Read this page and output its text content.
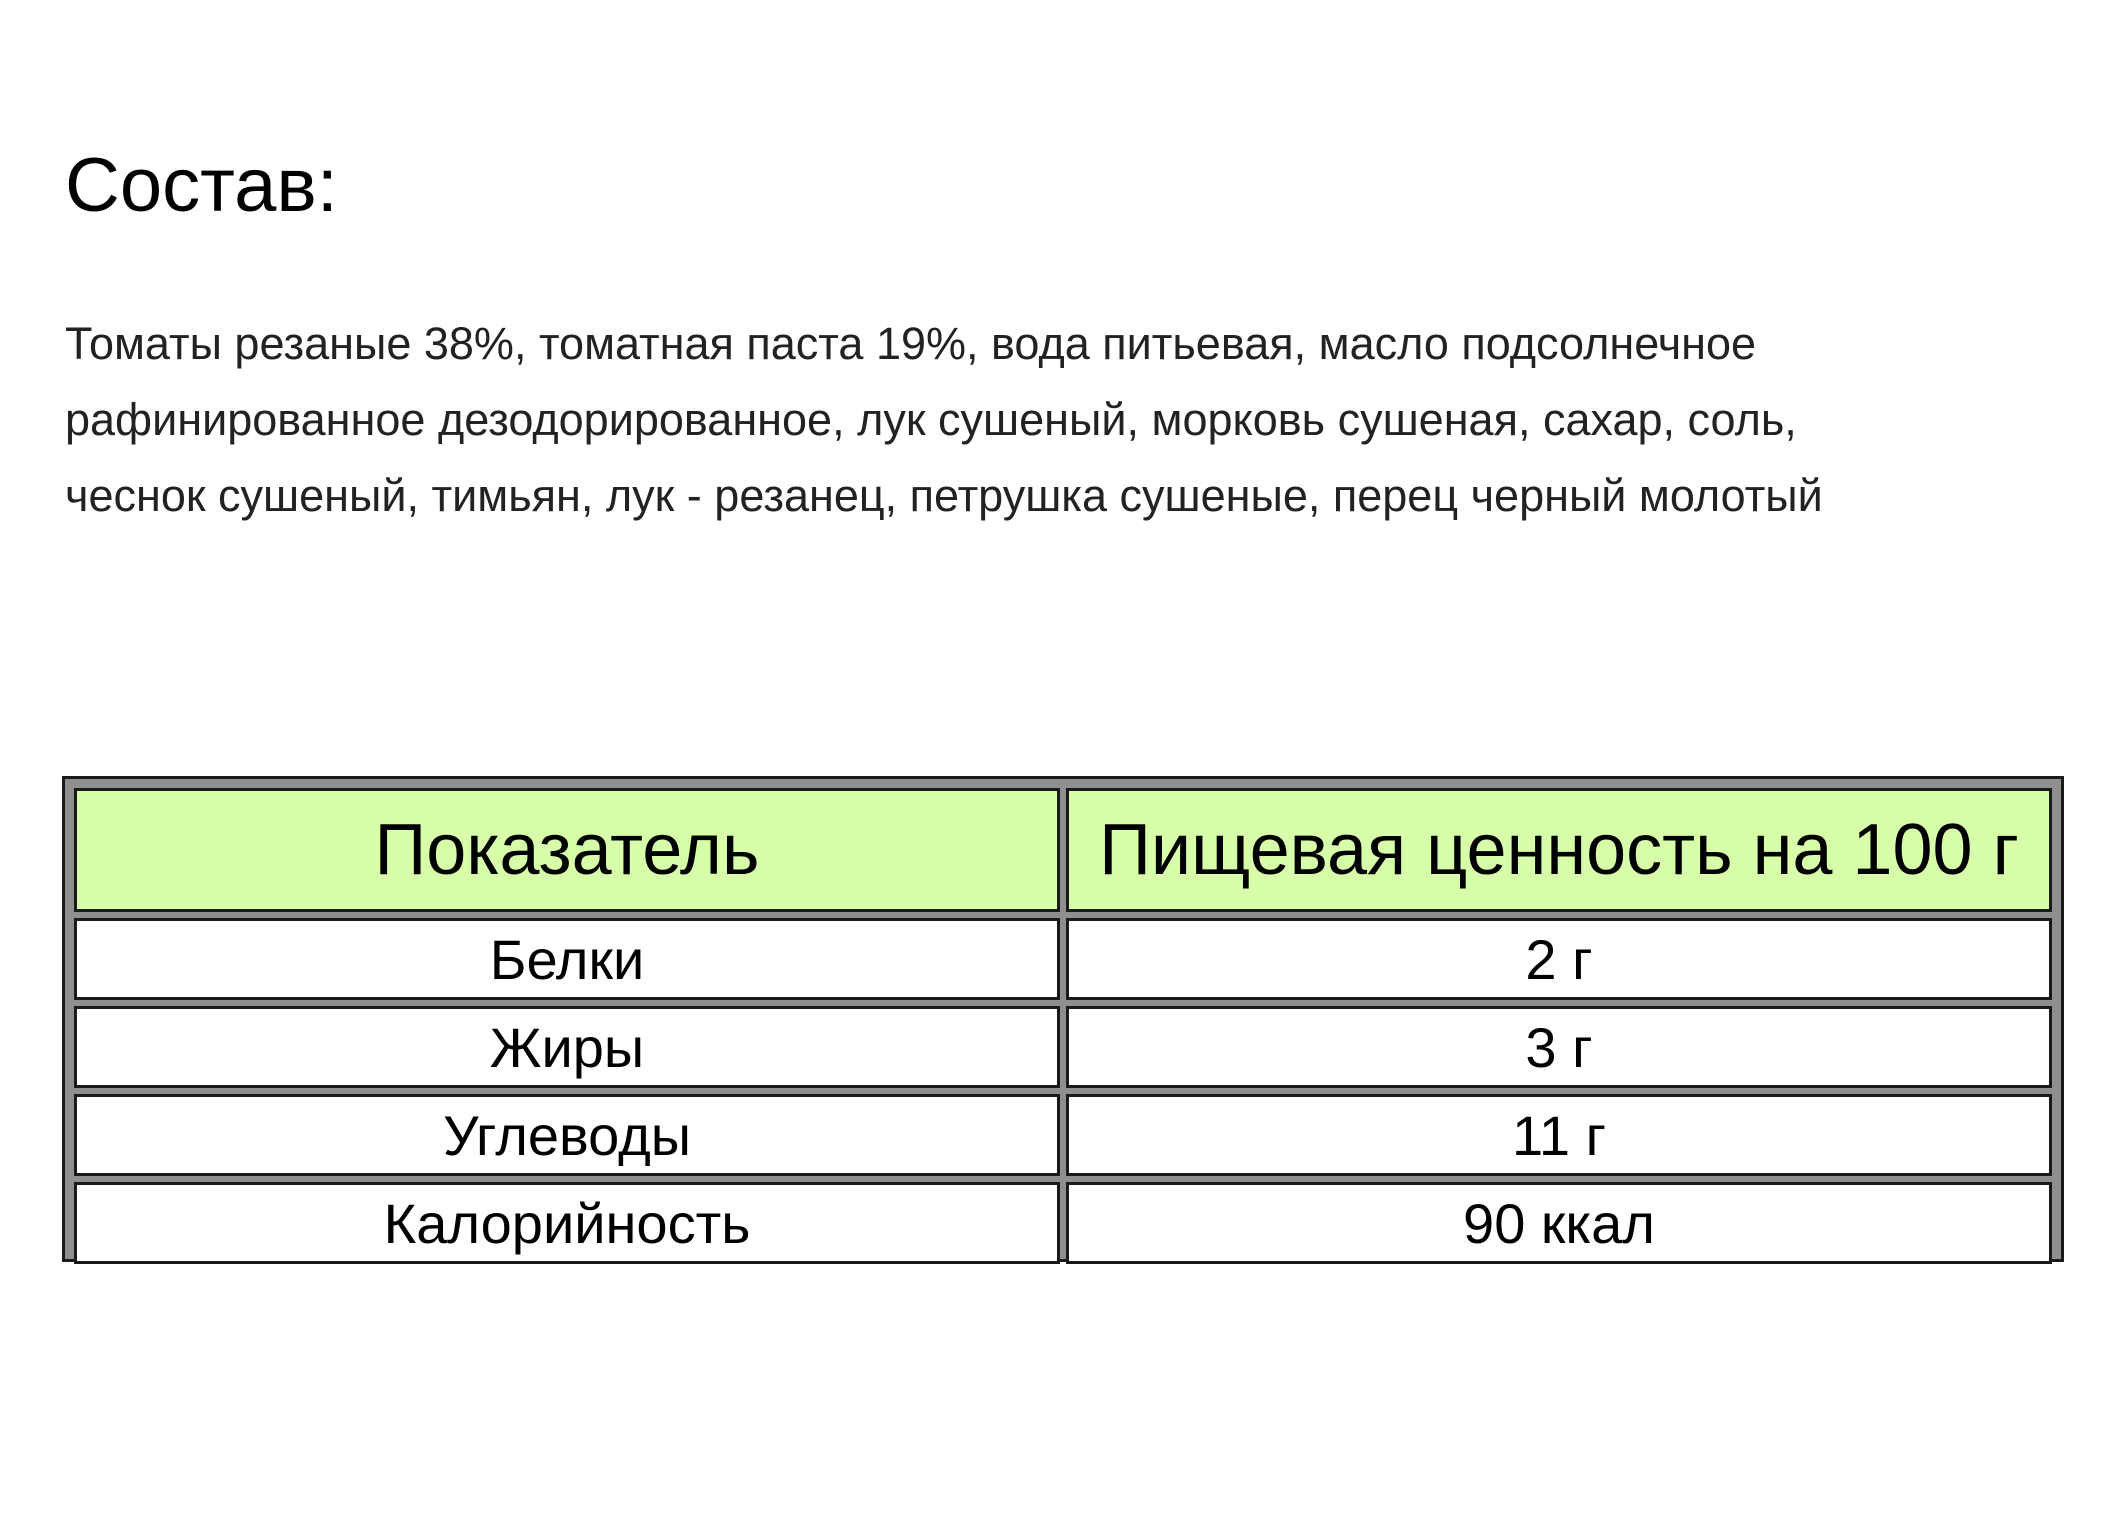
Состав:

Томаты резаные 38%, томатная паста 19%, вода питьевая, масло подсолнечное
рафинированное дезодорированное, лук сушеный, морковь сушеная, сахар, соль,
чеснок сушеный, тимьян, лук - резанец, петрушка сушеные, перец черный молотый

Показатель	Пищевая ценность на 100 г
Белки	2 г
Жиры	3 г
Углеводы	11 г
Калорийность	90 ккал
